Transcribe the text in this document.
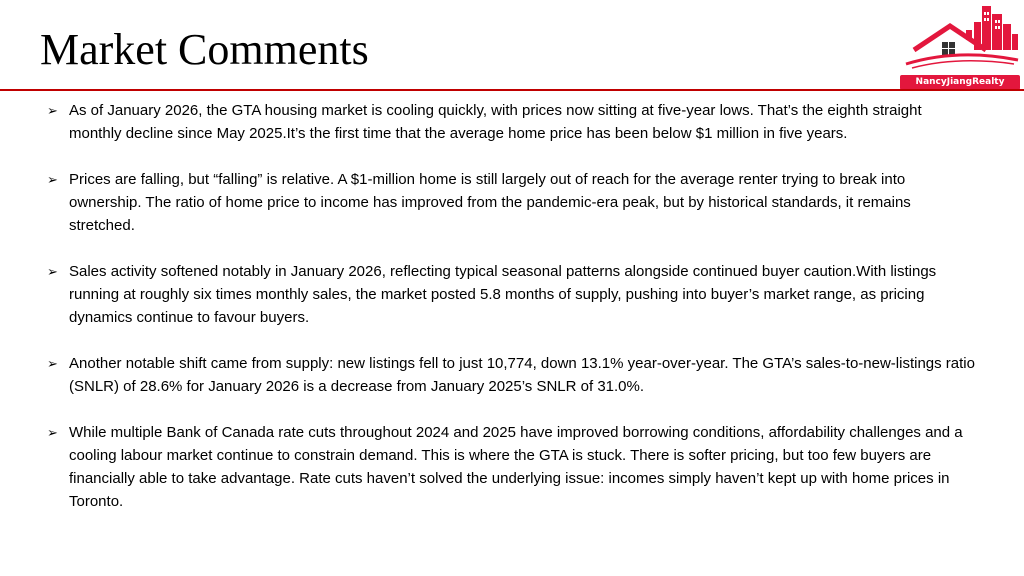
Market Comments
NancyJiangRealty
➢ As of January 2026, the GTA housing market is cooling quickly, with prices now sitting at five-year lows. That’s the eighth straight monthly decline since May 2025.It’s the first time that the average home price has been below $1 million in five years.
➢ Prices are falling, but “falling” is relative. A $1-million home is still largely out of reach for the average renter trying to break into ownership. The ratio of home price to income has improved from the pandemic-era peak, but by historical standards, it remains stretched.
➢ Sales activity softened notably in January 2026, reflecting typical seasonal patterns alongside continued buyer caution.With listings running at roughly six times monthly sales, the market posted 5.8 months of supply, pushing into buyer’s market range, as pricing dynamics continue to favour buyers.
➢ Another notable shift came from supply: new listings fell to just 10,774, down 13.1% year-over-year. The GTA’s sales-to-new-listings ratio (SNLR) of 28.6% for January 2026 is a decrease from January 2025’s SNLR of 31.0%.
➢ While multiple Bank of Canada rate cuts throughout 2024 and 2025 have improved borrowing conditions, affordability challenges and a cooling labour market continue to constrain demand. This is where the GTA is stuck. There is softer pricing, but too few buyers are financially able to take advantage. Rate cuts haven’t solved the underlying issue: incomes simply haven’t kept up with home prices in Toronto.
